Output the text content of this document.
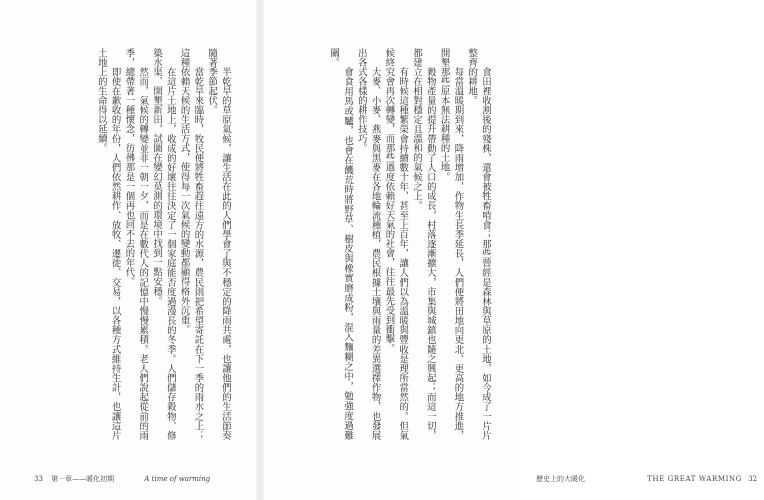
半乾旱的草原氣候，讓生活在此的人們學會了與不穩定的降雨共處，也讓他們的生活節奏隨著季節起伏。

當乾旱來臨時，牧民便將牲畜趕往遠方的水源，農民則把希望寄託在下一季的雨水之上；這種依賴天候的生活方式，使得每一次氣候的變動都顯得格外沉重。

在這片土地上，收成的好壞往往決定了一個家庭能否度過漫長的冬季。人們儲存穀物、修築水渠、開墾新田，試圖在變幻莫測的環境中找到一點安穩。

然而，氣候的轉變並非一朝一夕，而是在數代人的記憶中慢慢累積。老人們說起從前的雨季，總帶著一種懷念，彷彿那是一個再也回不去的年代。

即使在歉收的年份，人們依然耕作、放牧、遷徙、交易，以各種方式維持生計，也讓這片土地上的生命得以延續。

33 第一章——暖化初期	A time of warming

食田裡收割後的殘株，還會被牲畜啃食；那些曾經是森林與草原的土地，如今成了一片片整齊的耕地。

每當溫暖期到來，降雨增加，作物生長季延長，人們便將田地向更北、更高的地方推進，開墾那些原本無法耕種的土地。

穀物產量的提升帶動了人口的成長，村落逐漸擴大，市集與城鎮也隨之興起；而這一切，都建立在相對穩定且溫和的氣候之上。

有時候這種繁榮會持續數十年，甚至上百年，讓人們以為溫暖與豐收是理所當然的。但氣候終究會再次轉變，而那些過度依賴好天氣的社會，往往最先受到衝擊。

大麥、小麥、燕麥與黑麥在各地輪流種植，農民根據土壤與雨量的差異選擇作物，也發展出各式各樣的耕作技巧。

會食用馬或驢，也會在饑荒時將野草、樹皮與橡實磨成粉，混入麵糊之中，勉強度過難關。

歷史上的大暖化	THE GREAT WARMING 32
